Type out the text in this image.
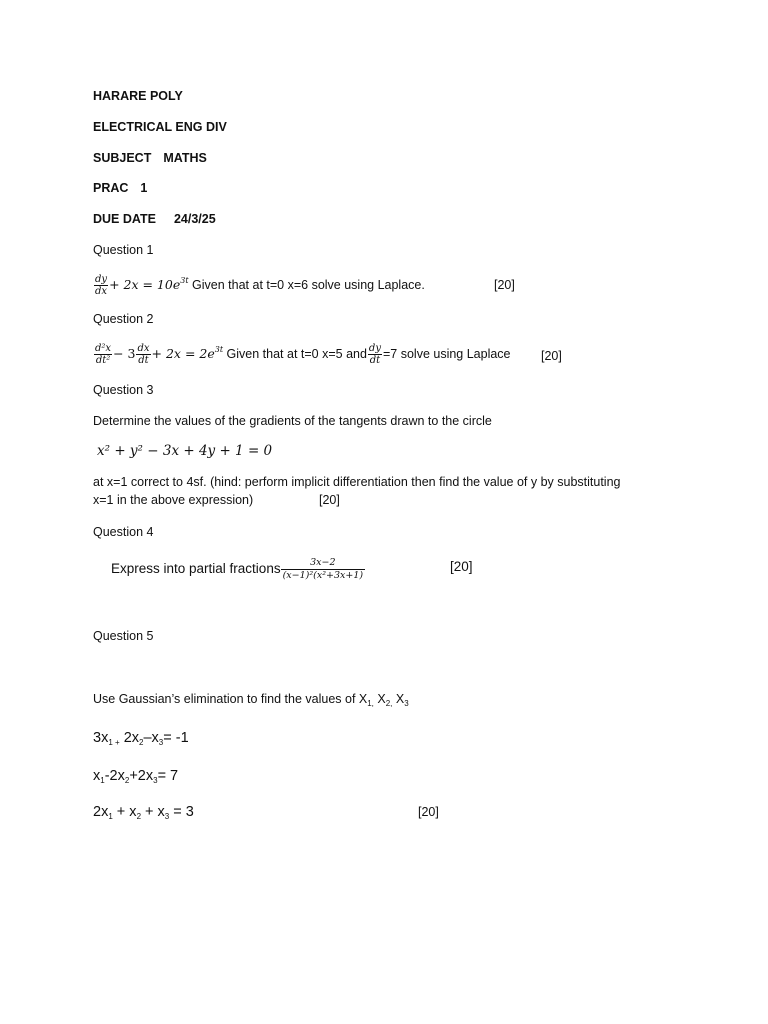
HARARE POLY
ELECTRICAL ENG DIV
SUBJECT MATHS
PRAC 1
DUE DATE 24/3/25
Question 1
$\frac{dy}{dx} + 2x = 10e^{3t}$ Given that at t=0 x=6 solve using Laplace.	[20]
Question 2
$\frac{\text{d²x}}{\text{dt²}} - 3 \frac{dx}{dt} + 2x = 2e^{3t}$ Given that at t=0 x=5 and $\frac{dy}{dt} =7$ solve using Laplace [20]
Question 3
Determine the values of the gradients of the tangents drawn to the circle
x² + y² − 3x + 4y + 1 = 0
at x=1 correct to 4sf. (hind: perform implicit differentiation then find the value of y by substituting
x=1 in the above expression)	[20]
Question 4
Express into partial fractions $\frac{3x-2}{\text{(x−1)²(x²+3x+1)}}$	[20]
Question 5
Use Gaussian’s elimination to find the values of $X_{1,}$ $X_{2,}$ $X_3$
$3x_{1 +}$ $2x_2-x_3= -1$
$x_1-2x_2+2x_3= 7$
$2x_1 + x_2 + x_3 = 3$	[20]
